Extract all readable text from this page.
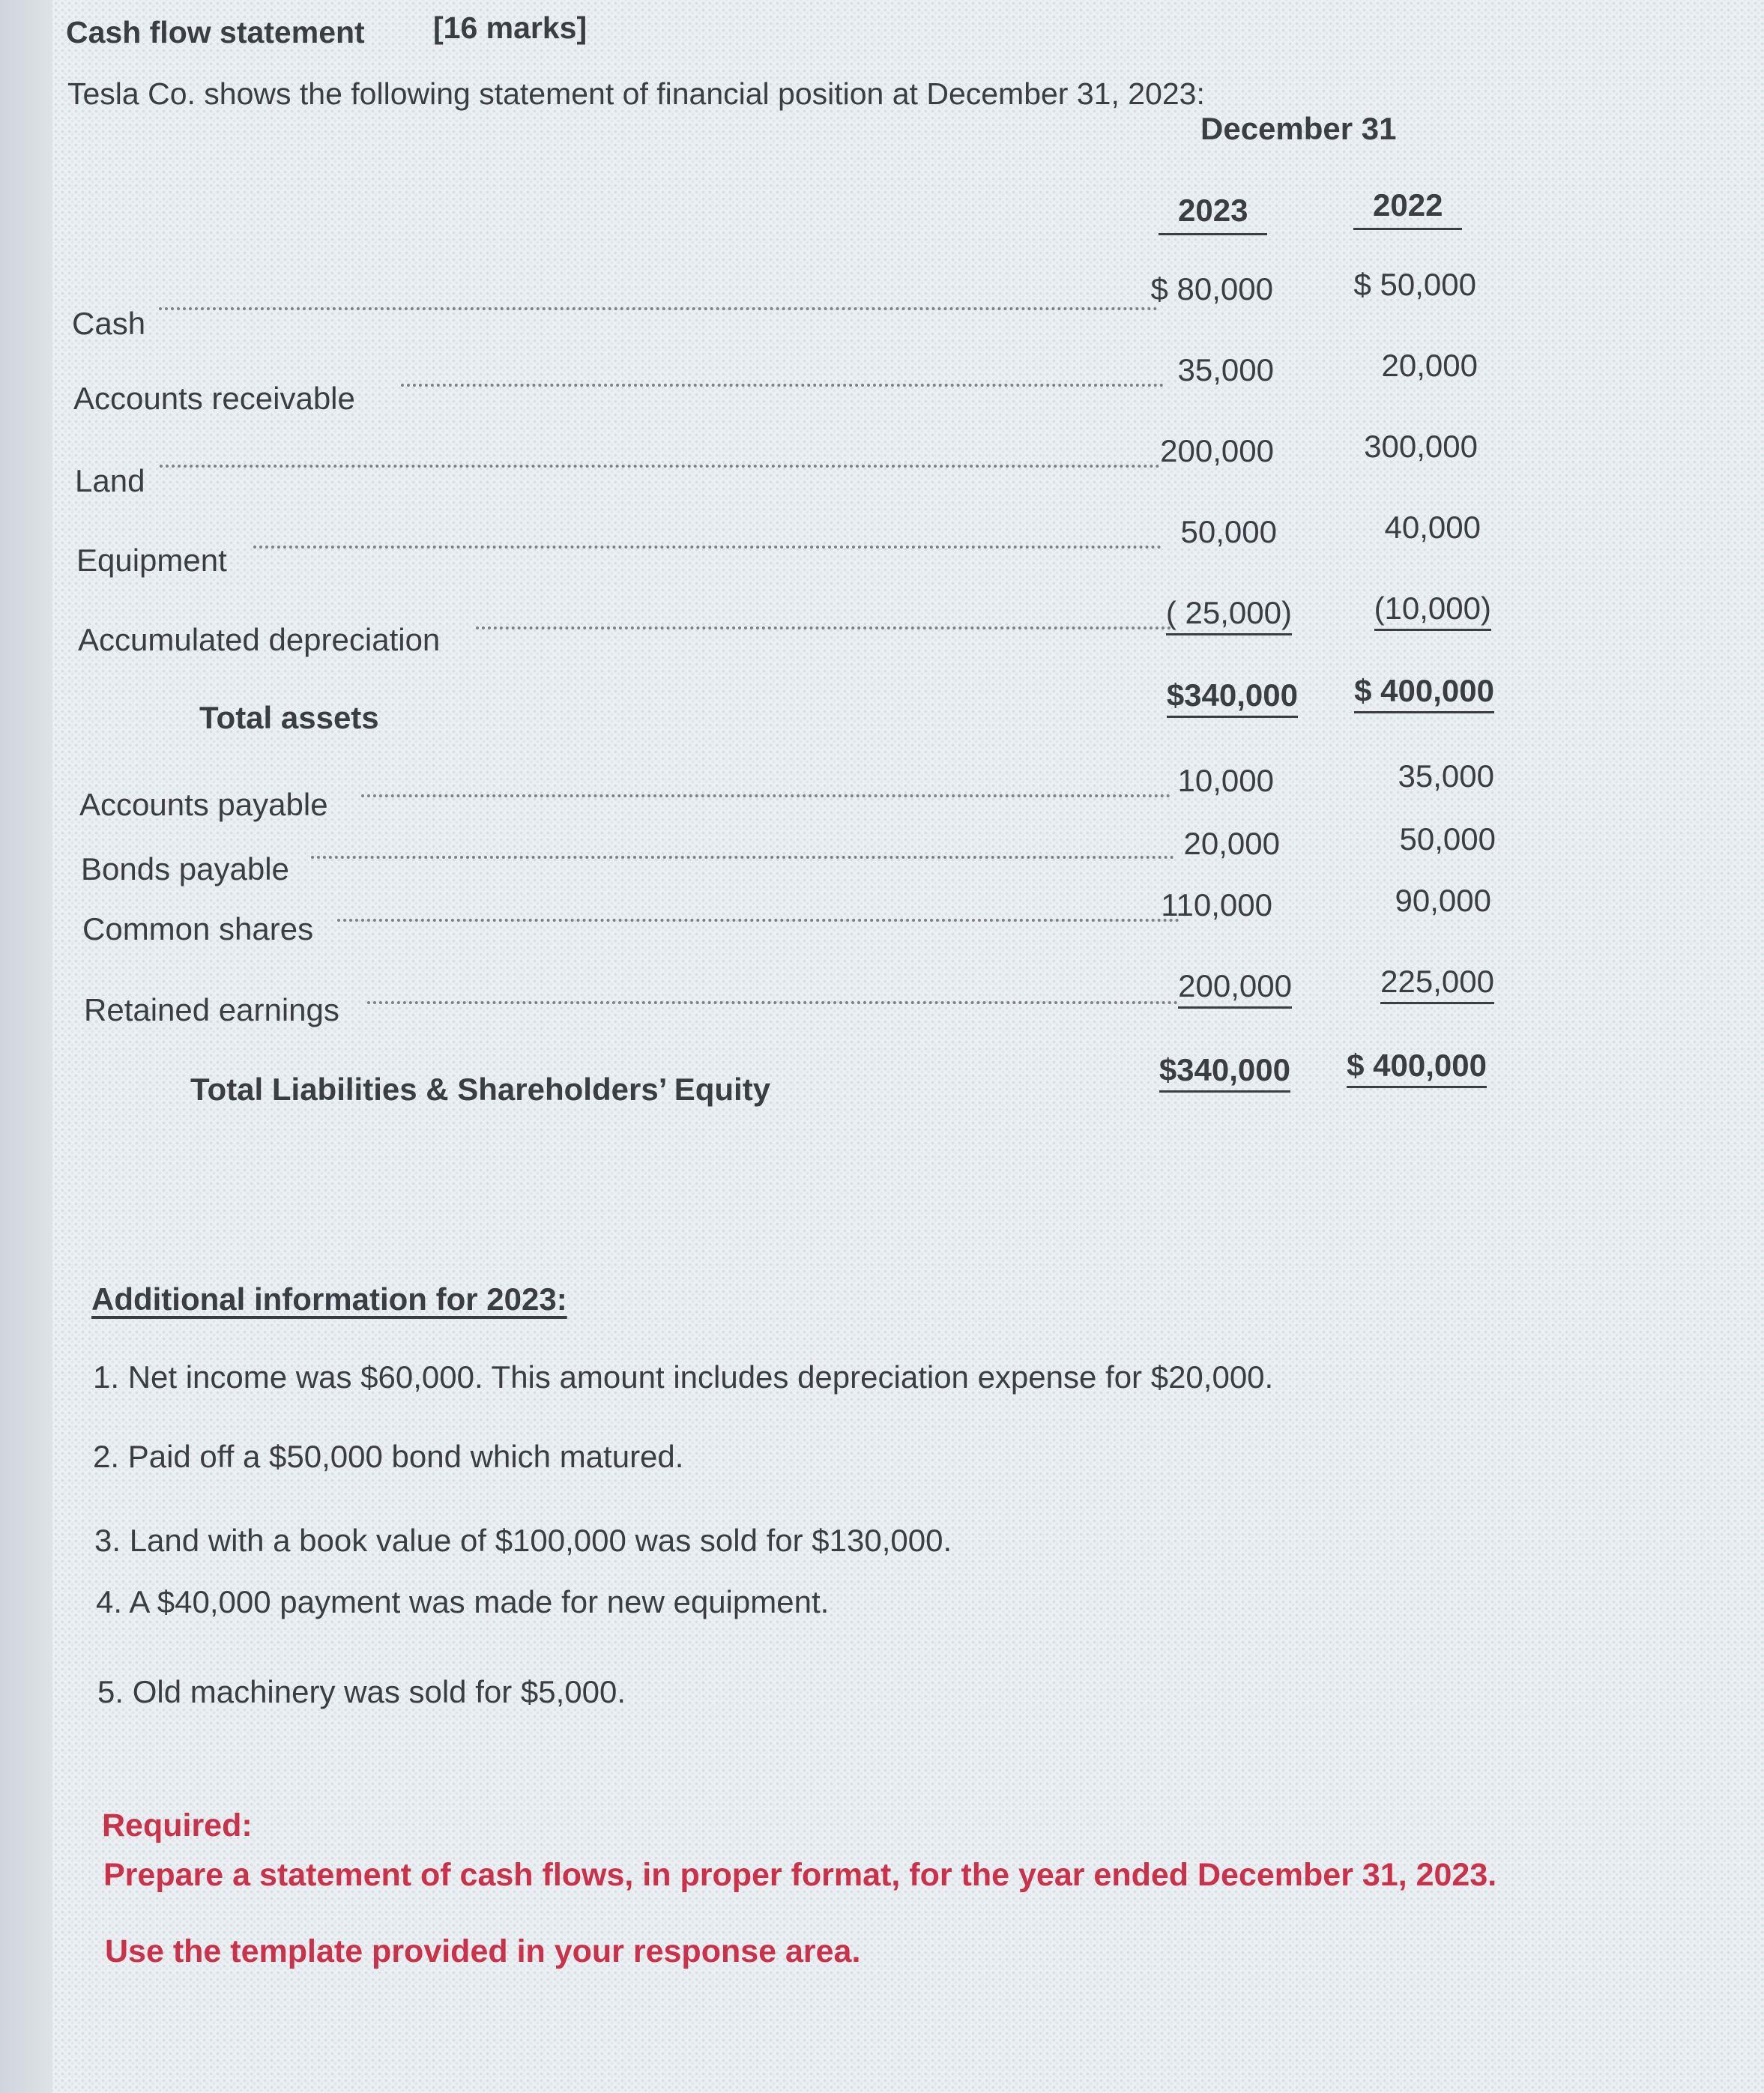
Cash flow statement [16 marks]
Tesla Co. shows the following statement of financial position at December 31, 2023:
December 31
2023	2022
Cash
$ 80,000	$ 50,000
Accounts receivable
35,000	20,000
Land
200,000	300,000
Equipment
50,000	40,000
Accumulated depreciation
( 25,000)	(10,000)
Total assets
$340,000 $ 400,000
Accounts payable
10,000	35,000
Bonds payable
20,000	50,000
Common shares
110,000	90,000
Retained earnings
200,000	225,000
Total Liabilities & Shareholders’ Equity
$340,000 $ 400,000
Additional information for 2023:
1. Net income was $60,000. This amount includes depreciation expense for $20,000.
2. Paid off a $50,000 bond which matured.
3. Land with a book value of $100,000 was sold for $130,000.
4. A $40,000 payment was made for new equipment.
5. Old machinery was sold for $5,000.
Required:
Prepare a statement of cash flows, in proper format, for the year ended December 31, 2023.
Use the template provided in your response area.
